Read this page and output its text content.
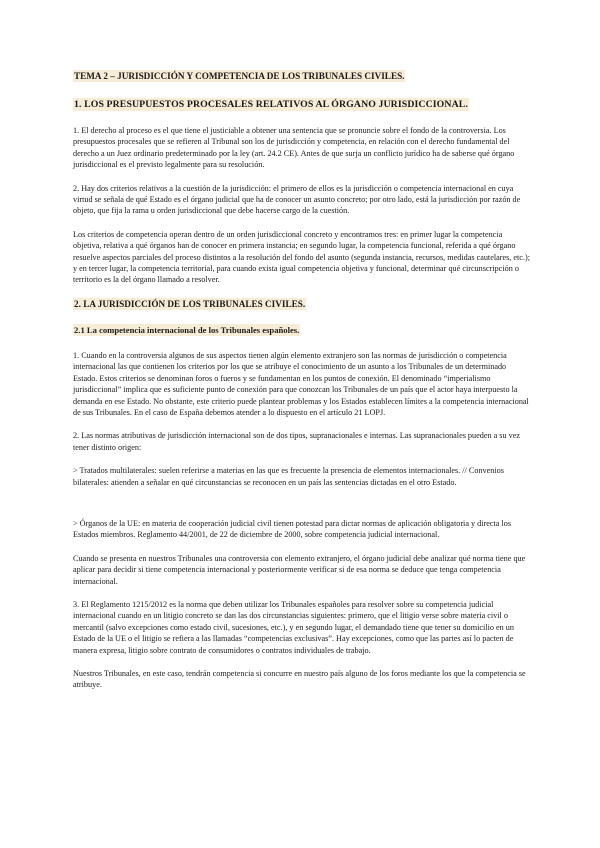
TEMA 2 – JURISDICCIÓN Y COMPETENCIA DE LOS TRIBUNALES CIVILES.
1. LOS PRESUPUESTOS PROCESALES RELATIVOS AL ÓRGANO JURISDICCIONAL.

1. El derecho al proceso es el que tiene el justiciable a obtener una sentencia que se pronuncie sobre el fondo de la controversia. Los presupuestos procesales que se refieren al Tribunal son los de jurisdicción y competencia, en relación con el derecho fundamental del derecho a un Juez ordinario predeterminado por la ley (art. 24.2 CE). Antes de que surja un conflicto jurídico ha de saberse qué órgano jurisdiccional es el previsto legalmente para su resolución.

2. Hay dos criterios relativos a la cuestión de la jurisdicción: el primero de ellos es la jurisdicción o competencia internacional en cuya virtud se señala de qué Estado es el órgano judicial que ha de conocer un asunto concreto; por otro lado, está la jurisdicción por razón de objeto, que fija la rama u orden jurisdiccional que debe hacerse cargo de la cuestión.

Los criterios de competencia operan dentro de un orden jurisdiccional concreto y encontramos tres: en primer lugar la competencia objetiva, relativa a qué órganos han de conocer en primera instancia; en segundo lugar, la competencia funcional, referida a qué órgano resuelve aspectos parciales del proceso distintos a la resolución del fondo del asunto (segunda instancia, recursos, medidas cautelares, etc.); y en tercer lugar, la competencia territorial, para cuando exista igual competencia objetiva y funcional, determinar qué circunscripción o territorio es la del órgano llamado a resolver.

2. LA JURISDICCIÓN DE LOS TRIBUNALES CIVILES.
2.1 La competencia internacional de los Tribunales españoles.

1. Cuando en la controversia algunos de sus aspectos tienen algún elemento extranjero son las normas de jurisdicción o competencia internacional las que contienen los criterios por los que se atribuye el conocimiento de un asunto a los Tribunales de un determinado Estado. Estos criterios se denominan foros o fueros y se fundamentan en los puntos de conexión. El denominado “imperialismo jurisdiccional” implica que es suficiente punto de conexión para que conozcan los Tribunales de un país que el actor haya interpuesto la demanda en ese Estado. No obstante, este criterio puede plantear problemas y los Estados establecen límites a la competencia internacional de sus Tribunales. En el caso de España debemos atender a lo dispuesto en el artículo 21 LOPJ.

2. Las normas atributivas de jurisdicción internacional son de dos tipos, supranacionales e internas. Las supranacionales pueden a su vez tener distinto origen:

> Tratados multilaterales: suelen referirse a materias en las que es frecuente la presencia de elementos internacionales. // Convenios bilaterales: atienden a señalar en qué circunstancias se reconocen en un país las sentencias dictadas en el otro Estado.

> Órganos de la UE: en materia de cooperación judicial civil tienen potestad para dictar normas de aplicación obligatoria y directa los Estados miembros. Reglamento 44/2001, de 22 de diciembre de 2000, sobre competencia judicial internacional.

Cuando se presenta en nuestros Tribunales una controversia con elemento extranjero, el órgano judicial debe analizar qué norma tiene que aplicar para decidir si tiene competencia internacional y posteriormente verificar si de esa norma se deduce que tenga competencia internacional.

3. El Reglamento 1215/2012 es la norma que deben utilizar los Tribunales españoles para resolver sobre su competencia judicial internacional cuando en un litigio concreto se dan las dos circunstancias siguientes: primero, que el litigio verse sobre materia civil o mercantil (salvo excepciones como estado civil, sucesiones, etc.), y en segundo lugar, el demandado tiene que tener su domicilio en un Estado de la UE o el litigio se refiera a las llamadas “competencias exclusivas”. Hay excepciones, como que las partes así lo pacten de manera expresa, litigio sobre contrato de consumidores o contratos individuales de trabajo.

Nuestros Tribunales, en este caso, tendrán competencia si concurre en nuestro país alguno de los foros mediante los que la competencia se atribuye.
